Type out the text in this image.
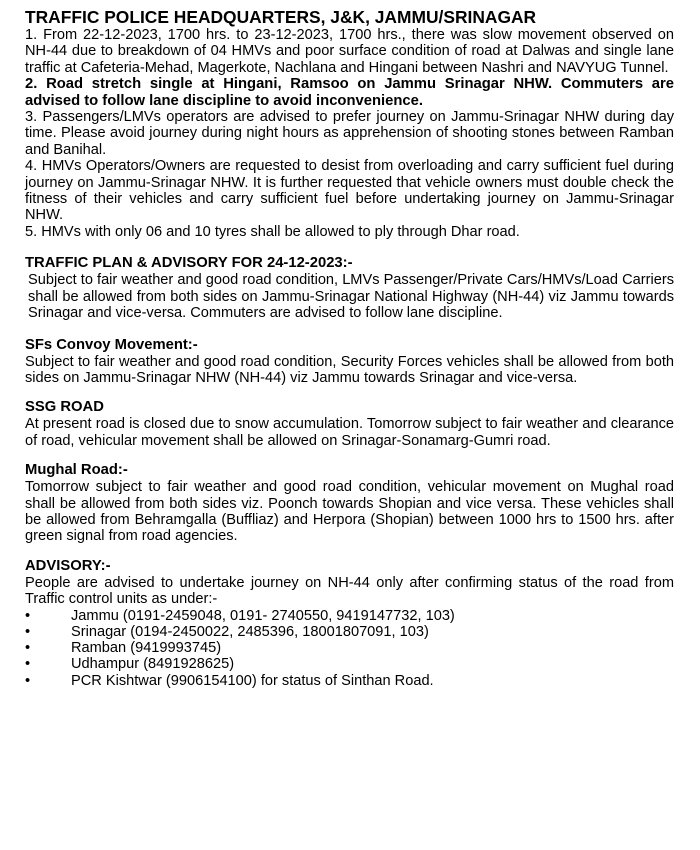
TRAFFIC POLICE HEADQUARTERS, J&K, JAMMU/SRINAGAR
1. From 22-12-2023, 1700 hrs. to 23-12-2023, 1700 hrs., there was slow movement observed on NH-44 due to breakdown of 04 HMVs and poor surface condition of road at Dalwas and single lane traffic at Cafeteria-Mehad, Magerkote, Nachlana and Hingani between Nashri and NAVYUG Tunnel.
2. Road stretch single at Hingani, Ramsoo on Jammu Srinagar NHW. Commuters are advised to follow lane discipline to avoid inconvenience.
3. Passengers/LMVs operators are advised to prefer journey on Jammu-Srinagar NHW during day time. Please avoid journey during night hours as apprehension of shooting stones between Ramban and Banihal.
4. HMVs Operators/Owners are requested to desist from overloading and carry sufficient fuel during journey on Jammu-Srinagar NHW. It is further requested that vehicle owners must double check the fitness of their vehicles and carry sufficient fuel before undertaking journey on Jammu-Srinagar NHW.
5. HMVs with only 06 and 10 tyres shall be allowed to ply through Dhar road.
TRAFFIC PLAN & ADVISORY FOR 24-12-2023:-
Subject to fair weather and good road condition, LMVs Passenger/Private Cars/HMVs/Load Carriers shall be allowed from both sides on Jammu-Srinagar National Highway (NH-44) viz Jammu towards Srinagar and vice-versa. Commuters are advised to follow lane discipline.
SFs Convoy Movement:-
Subject to fair weather and good road condition, Security Forces vehicles shall be allowed from both sides on Jammu-Srinagar NHW (NH-44) viz Jammu towards Srinagar and vice-versa.
SSG ROAD
At present road is closed due to snow accumulation. Tomorrow subject to fair weather and clearance of road, vehicular movement shall be allowed on Srinagar-Sonamarg-Gumri road.
Mughal Road:-
Tomorrow subject to fair weather and good road condition, vehicular movement on Mughal road shall be allowed from both sides viz. Poonch towards Shopian and vice versa. These vehicles shall be allowed from Behramgalla (Buffliaz) and Herpora (Shopian) between 1000 hrs to 1500 hrs. after green signal from road agencies.
ADVISORY:-
People are advised to undertake journey on NH-44 only after confirming status of the road from Traffic control units as under:-
•	Jammu (0191-2459048, 0191- 2740550, 9419147732, 103)
•	Srinagar (0194-2450022, 2485396, 18001807091, 103)
•	Ramban (9419993745)
•	Udhampur (8491928625)
•	PCR Kishtwar (9906154100) for status of Sinthan Road.
